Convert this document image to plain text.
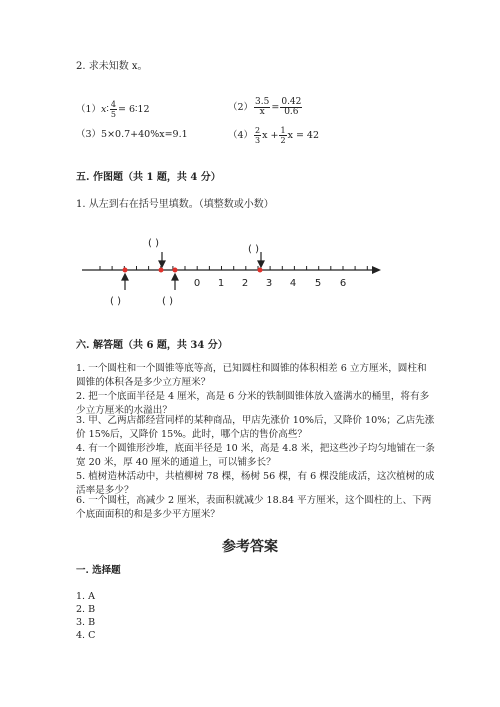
2. 求未知数 x。
（1）x∶ $\frac{4}{5}$ = 6∶12	$(2) \frac{3.5}{x} = \frac{0.42}{0.6}$
（3）5×0.7+40%x=9.1	$(4) \frac{2}{3}$ $x + \frac{1}{2}$ x = 42
五. 作图题（共 1 题，共 4 分）
1. 从左到右在括号里填数。（填整数或小数）
0 1 2 3 4 5 6
( )
( )
( )	( )
六. 解答题（共 6 题，共 34 分）
1. 一个圆柱和一个圆锥等底等高，已知圆柱和圆锥的体积相差 6 立方厘米，圆柱和圆锥的体积各是多少立方厘米？
2. 把一个底面半径是 4 厘米，高是 6 分米的铁制圆锥体放入盛满水的桶里，将有多少立方厘米的水溢出？
3. 甲、乙两店都经营同样的某种商品，甲店先涨价 10%后，又降价 10%；乙店先涨价 15%后，又降价 15%。此时，哪个店的售价高些？
4. 有一个圆锥形沙堆，底面半径是 10 米，高是 4.8 米，把这些沙子均匀地铺在一条宽 20 米，厚 40 厘米的通道上，可以铺多长？
5. 植树造林活动中，共植柳树 78 棵，杨树 56 棵，有 6 棵没能成活，这次植树的成活率是多少？
6. 一个圆柱，高减少 2 厘米，表面积就减少 18.84 平方厘米，这个圆柱的上、下两个底面面积的和是多少平方厘米？
参考答案
一. 选择题
1. A
2. B
3. B
4. C
